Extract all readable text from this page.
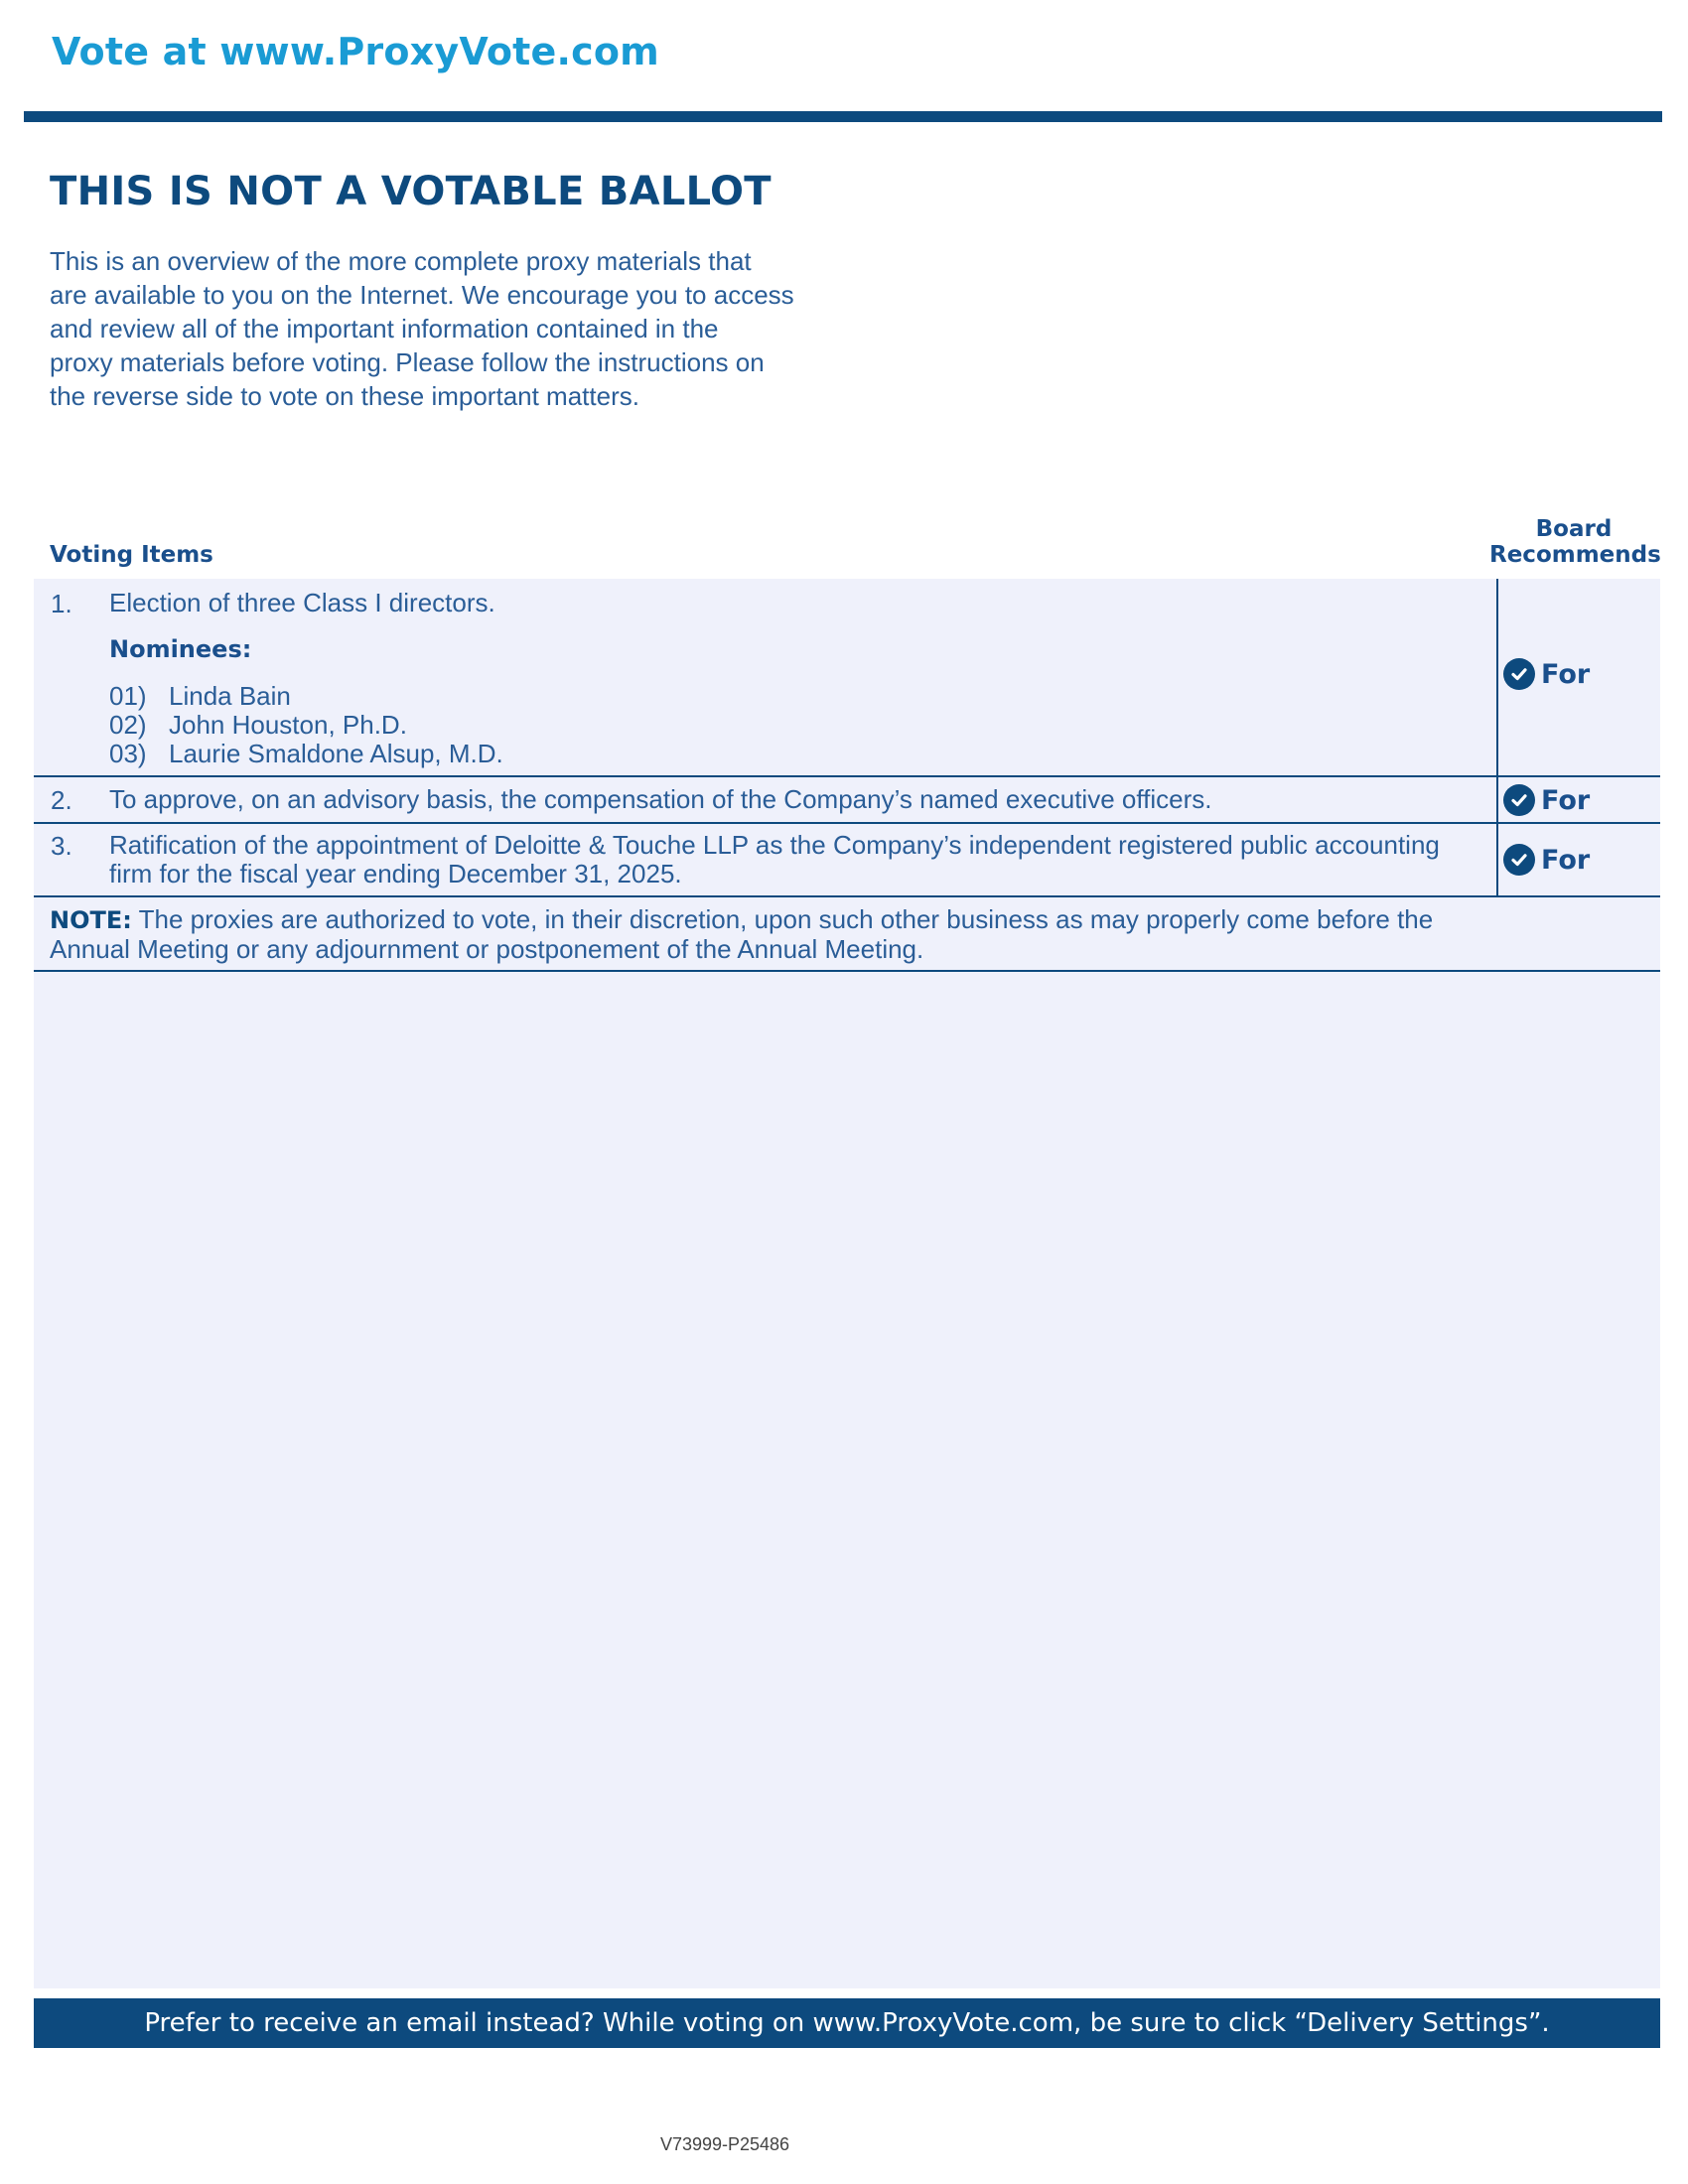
Vote at www.ProxyVote.com
THIS IS NOT A VOTABLE BALLOT
This is an overview of the more complete proxy materials that
are available to you on the Internet. We encourage you to access
and review all of the important information contained in the
proxy materials before voting. Please follow the instructions on
the reverse side to vote on these important matters.
Voting Items
Board
Recommends
1. Election of three Class I directors.
Nominees:
01) Linda Bain
02) John Houston, Ph.D.
03) Laurie Smaldone Alsup, M.D.
For
2. To approve, on an advisory basis, the compensation of the Company’s named executive officers.	For
3. Ratification of the appointment of Deloitte & Touche LLP as the Company’s independent registered public accounting
firm for the fiscal year ending December 31, 2025.	For
NOTE: The proxies are authorized to vote, in their discretion, upon such other business as may properly come before the
Annual Meeting or any adjournment or postponement of the Annual Meeting.
Prefer to receive an email instead? While voting on www.ProxyVote.com, be sure to click “Delivery Settings”.
V73999-P25486
